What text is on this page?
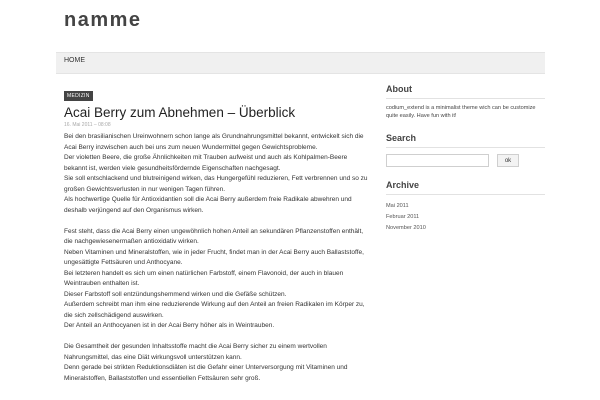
namme
HOME
MEDIZIN
Acai Berry zum Abnehmen – Überblick
16. Mai 2011 – 08:08

Bei den brasilianischen Ureinwohnern schon lange als Grundnahrungsmittel bekannt, entwickelt sich die
Acai Berry inzwischen auch bei uns zum neuen Wundermittel gegen Gewichtsprobleme.
Der violetten Beere, die große Ähnlichkeiten mit Trauben aufweist und auch als Kohlpalmen-Beere
bekannt ist, werden viele gesundheitsfördernde Eigenschaften nachgesagt.
Sie soll entschlackend und blutreinigend wirken, das Hungergefühl reduzieren, Fett verbrennen und so zu
großen Gewichtsverlusten in nur wenigen Tagen führen.
Als hochwertige Quelle für Antioxidantien soll die Acai Berry außerdem freie Radikale abwehren und
deshalb verjüngend auf den Organismus wirken.

Fest steht, dass die Acai Berry einen ungewöhnlich hohen Anteil an sekundären Pflanzenstoffen enthält,
die nachgewiesenermaßen antioxidativ wirken.
Neben Vitaminen und Mineralstoffen, wie in jeder Frucht, findet man in der Acai Berry auch Ballaststoffe,
ungesättigte Fettsäuren und Anthocyane.
Bei letzteren handelt es sich um einen natürlichen Farbstoff, einem Flavonoid, der auch in blauen
Weintrauben enthalten ist.
Dieser Farbstoff soll entzündungshemmend wirken und die Gefäße schützen.
Außerdem schreibt man ihm eine reduzierende Wirkung auf den Anteil an freien Radikalen im Körper zu,
die sich zellschädigend auswirken.
Der Anteil an Anthocyanen ist in der Acai Berry höher als in Weintrauben.

Die Gesamtheit der gesunden Inhaltsstoffe macht die Acai Berry sicher zu einem wertvollen
Nahrungsmittel, das eine Diät wirkungsvoll unterstützen kann.
Denn gerade bei strikten Reduktionsdiäten ist die Gefahr einer Unterversorgung mit Vitaminen und
Mineralstoffen, Ballaststoffen und essentiellen Fettsäuren sehr groß.

About
codium_extend is a minimalist theme wich can be customize quite easily. Have fun with it!
Search
ok
Archive
Mai 2011
Februar 2011
November 2010
